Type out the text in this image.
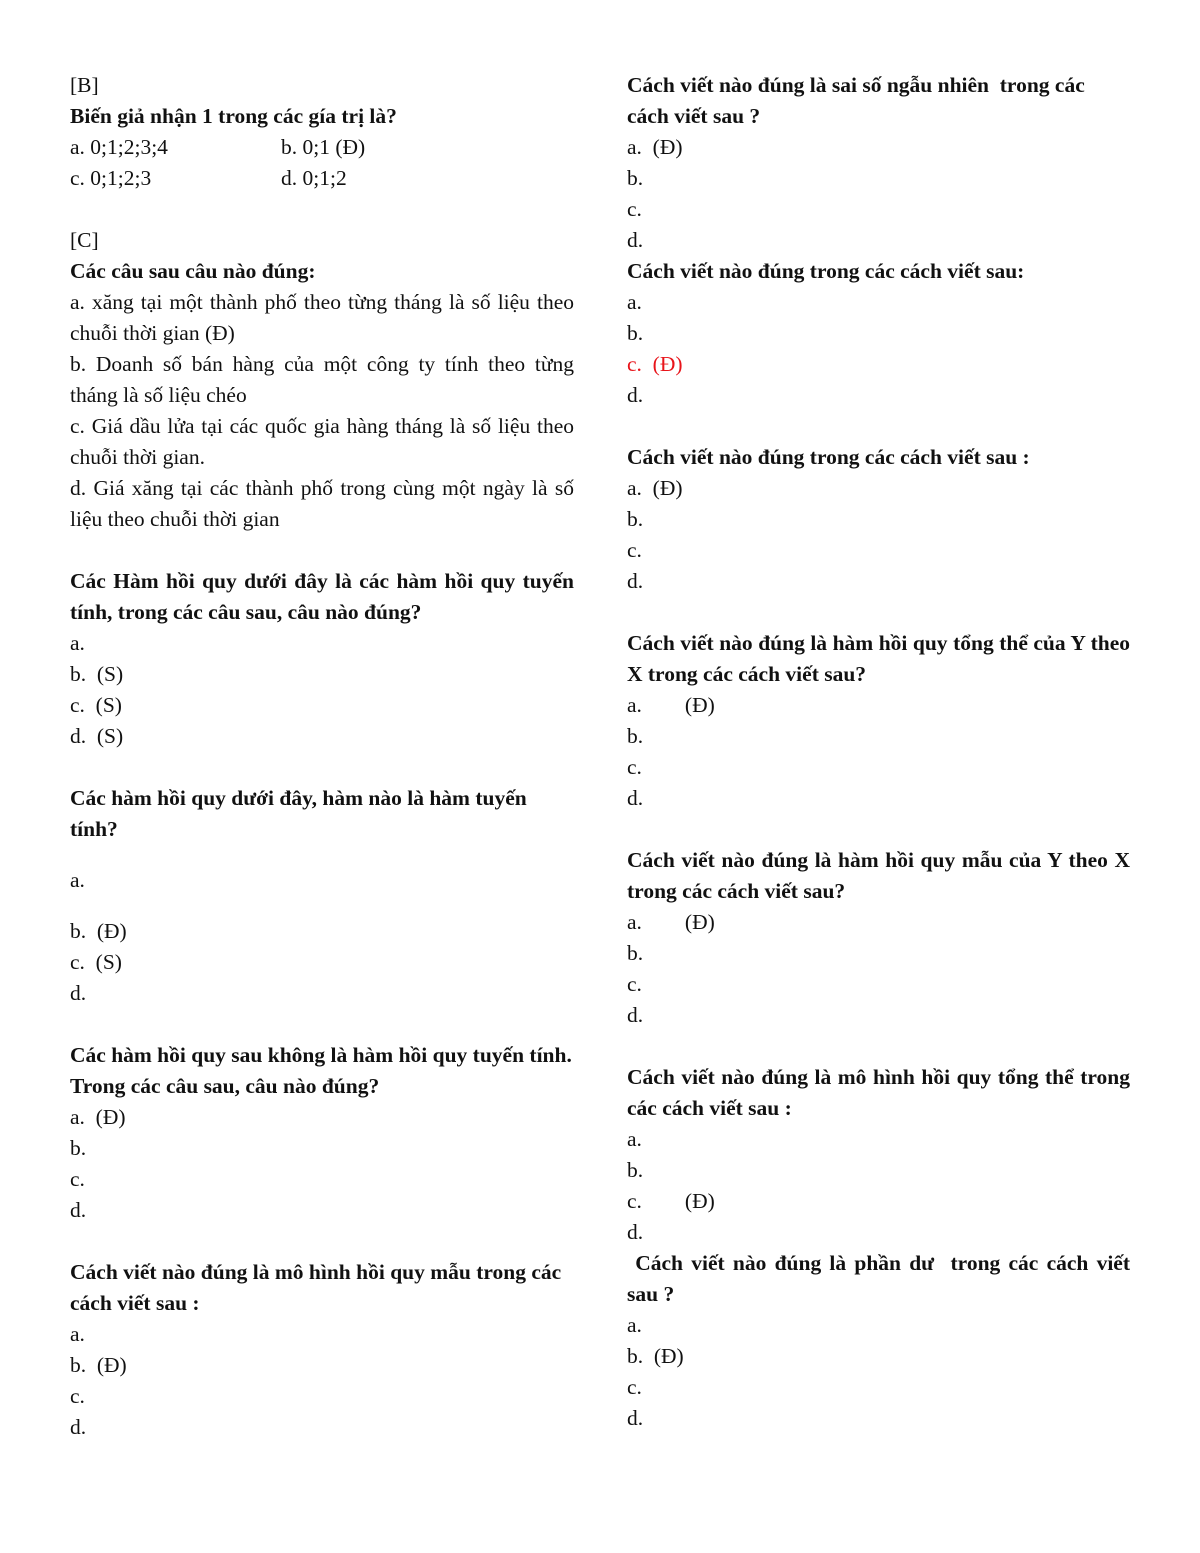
[B]
Biến giả nhận 1 trong các gía trị là?
a. 0;1;2;3;4	b. 0;1 (Đ)
c. 0;1;2;3	d. 0;1;2
[C]
Các câu sau câu nào đúng:
a. xăng tại một thành phố theo từng tháng là số liệu theo chuỗi thời gian (Đ)
b. Doanh số bán hàng của một công ty tính theo từng tháng là số liệu chéo
c. Giá dầu lửa tại các quốc gia hàng tháng là số liệu theo chuỗi thời gian.
d. Giá xăng tại các thành phố trong cùng một ngày là số liệu theo chuỗi thời gian
Các Hàm hồi quy dưới đây là các hàm hồi quy tuyến tính, trong các câu sau, câu nào đúng?
a.
b.  (S)
c.  (S)
d.  (S)
Các hàm hồi quy dưới đây, hàm nào là hàm tuyến tính?
a.
b.  (Đ)
c.  (S)
d.
Các hàm hồi quy sau không là hàm hồi quy tuyến tính. Trong các câu sau, câu nào đúng?
a.  (Đ)
b.
c.
d.
Cách viết nào đúng là mô hình hồi quy mẫu trong các cách viết sau :
a.
b.  (Đ)
c.
d.
Cách viết nào đúng là sai số ngẫu nhiên  trong các cách viết sau ?
a.  (Đ)
b.
c.
d.
Cách viết nào đúng trong các cách viết sau:
a.
b.
c.  (Đ)
d.
Cách viết nào đúng trong các cách viết sau :
a.  (Đ)
b.
c.
d.
Cách viết nào đúng là hàm hồi quy tổng thể của Y theo X trong các cách viết sau?
a.        (Đ)
b.
c.
d.
Cách viết nào đúng là hàm hồi quy mẫu của Y theo X trong các cách viết sau?
a.        (Đ)
b.
c.
d.
Cách viết nào đúng là mô hình hồi quy tổng thể trong các cách viết sau :
a.
b.
c.        (Đ)
d.
Cách viết nào đúng là phần dư  trong các cách viết sau ?
a.
b.  (Đ)
c.
d.
